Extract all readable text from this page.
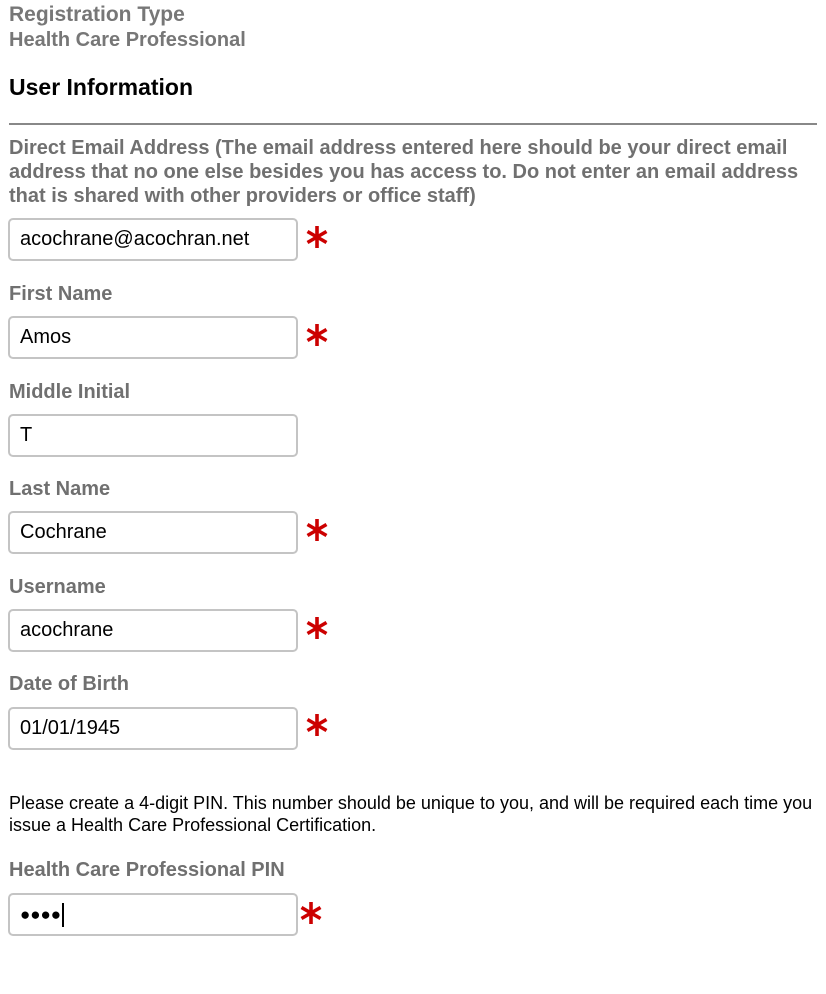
Registration Type
Health Care Professional
User Information
Direct Email Address (The email address entered here should be your direct email address that no one else besides you has access to. Do not enter an email address that is shared with other providers or office staff)
acochrane@acochran.net
First Name
Amos
Middle Initial
T
Last Name
Cochrane
Username
acochrane
Date of Birth
01/01/1945
Please create a 4-digit PIN. This number should be unique to you, and will be required each time you issue a Health Care Professional Certification.
Health Care Professional PIN
●●●●
